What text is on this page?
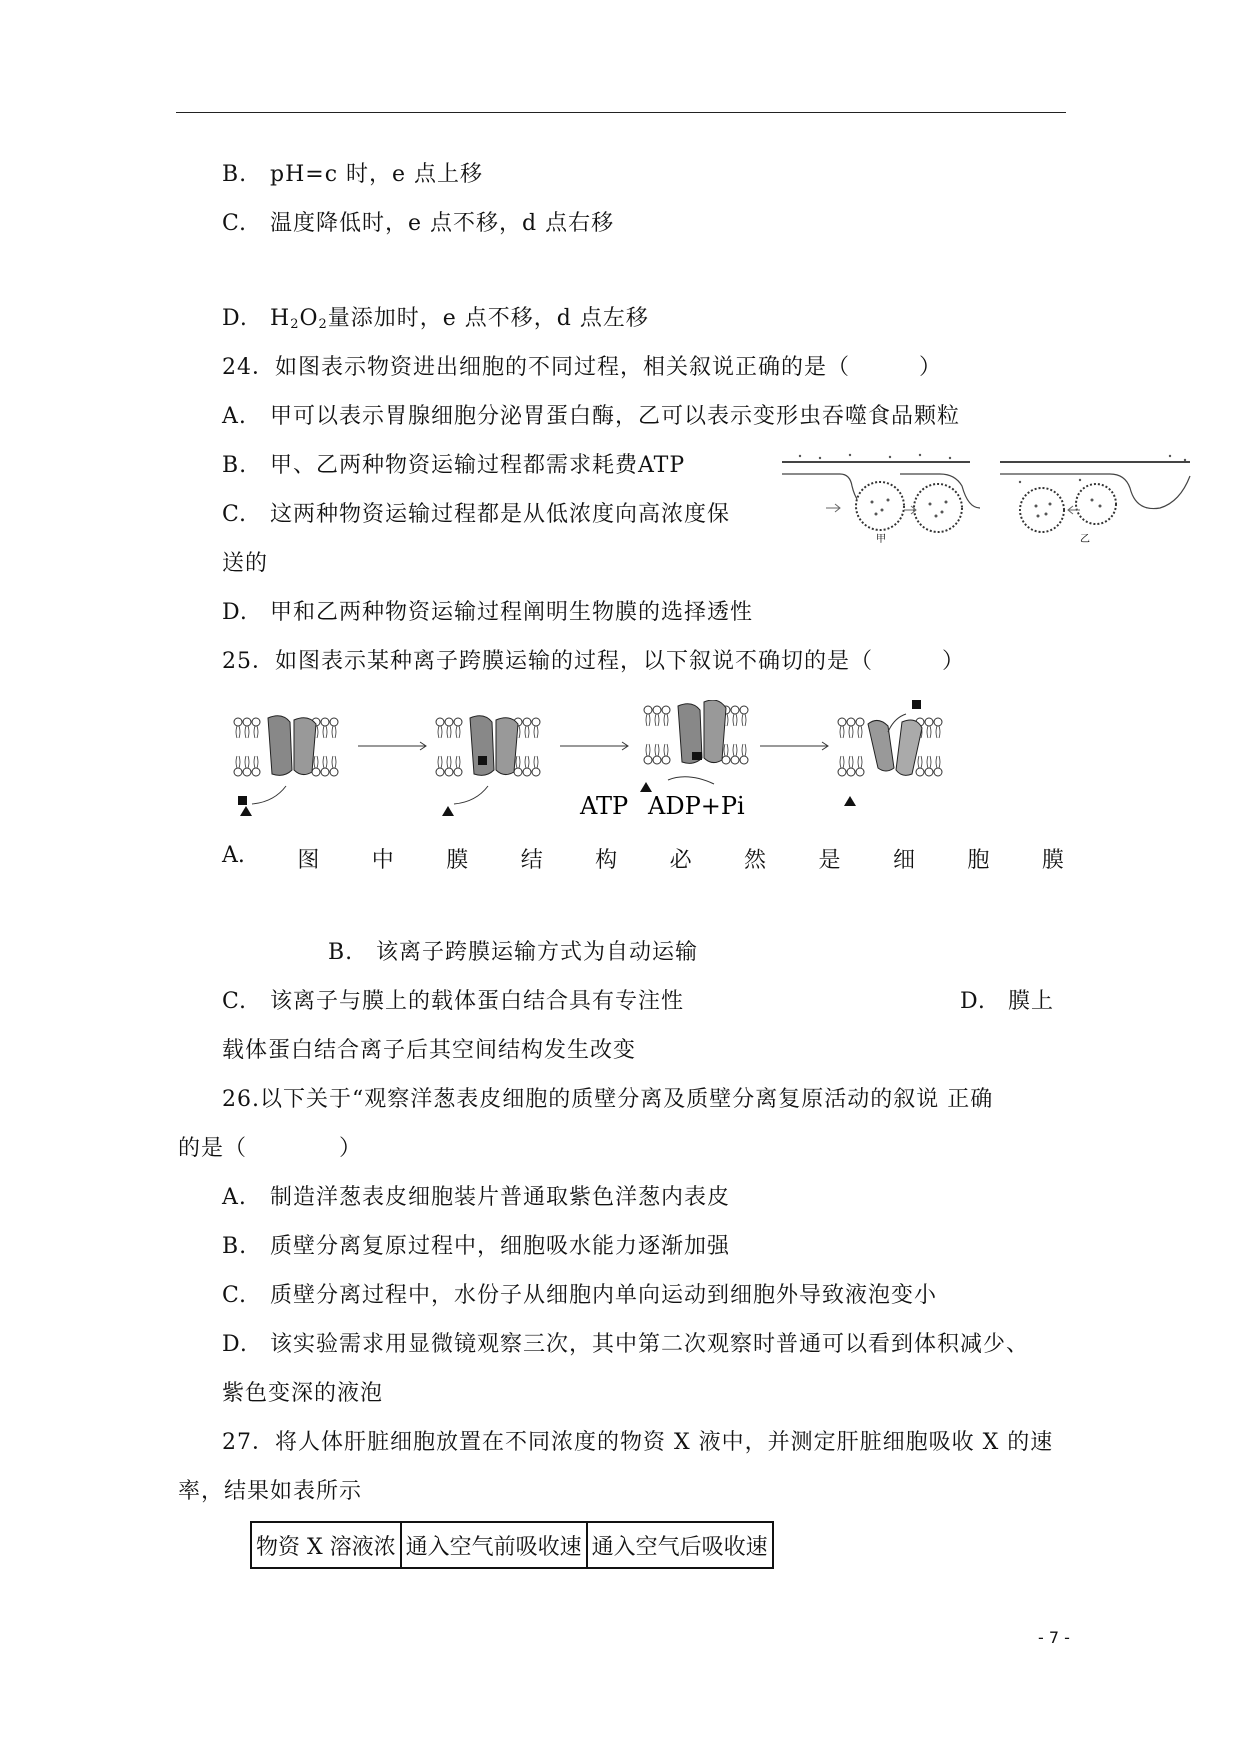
B. pH=c 时，e 点上移
C. 温度降低时，e 点不移，d 点右移
D. $H_2O_2$量添加时，e 点不移，d 点左移
24．如图表示物资进出细胞的不同过程，相关叙说正确的是（　　　）
A. 甲可以表示胃腺细胞分泌胃蛋白酶，乙可以表示变形虫吞噬食品颗粒
B. 甲、乙两种物资运输过程都需求耗费ATP
C. 这两种物资运输过程都是从低浓度向高浓度保
送的
D. 甲和乙两种物资运输过程阐明生物膜的选择透性
甲	乙
25．如图表示某种离子跨膜运输的过程，以下叙说不确切的是（　　　）
ATP ADP+Pi
A. 图 中 膜 结 构 必 然 是 细 胞 膜
B. 该离子跨膜运输方式为自动运输
C. 该离子与膜上的载体蛋白结合具有专注性	D. 膜上
载体蛋白结合离子后其空间结构发生改变
26.以下关于“观察洋葱表皮细胞的质壁分离及质壁分离复原活动的叙说 正确
的是（　　　　）
A. 制造洋葱表皮细胞装片普通取紫色洋葱内表皮
B. 质壁分离复原过程中，细胞吸水能力逐渐加强
C. 质壁分离过程中，水份子从细胞内单向运动到细胞外导致液泡变小
D. 该实验需求用显微镜观察三次，其中第二次观察时普通可以看到体积减少、
紫色变深的液泡
27．将人体肝脏细胞放置在不同浓度的物资 X 液中，并测定肝脏细胞吸收 X 的速
率，结果如表所示
物资 X 溶液浓	通入空气前吸收速	通入空气后吸收速
- 7 -
